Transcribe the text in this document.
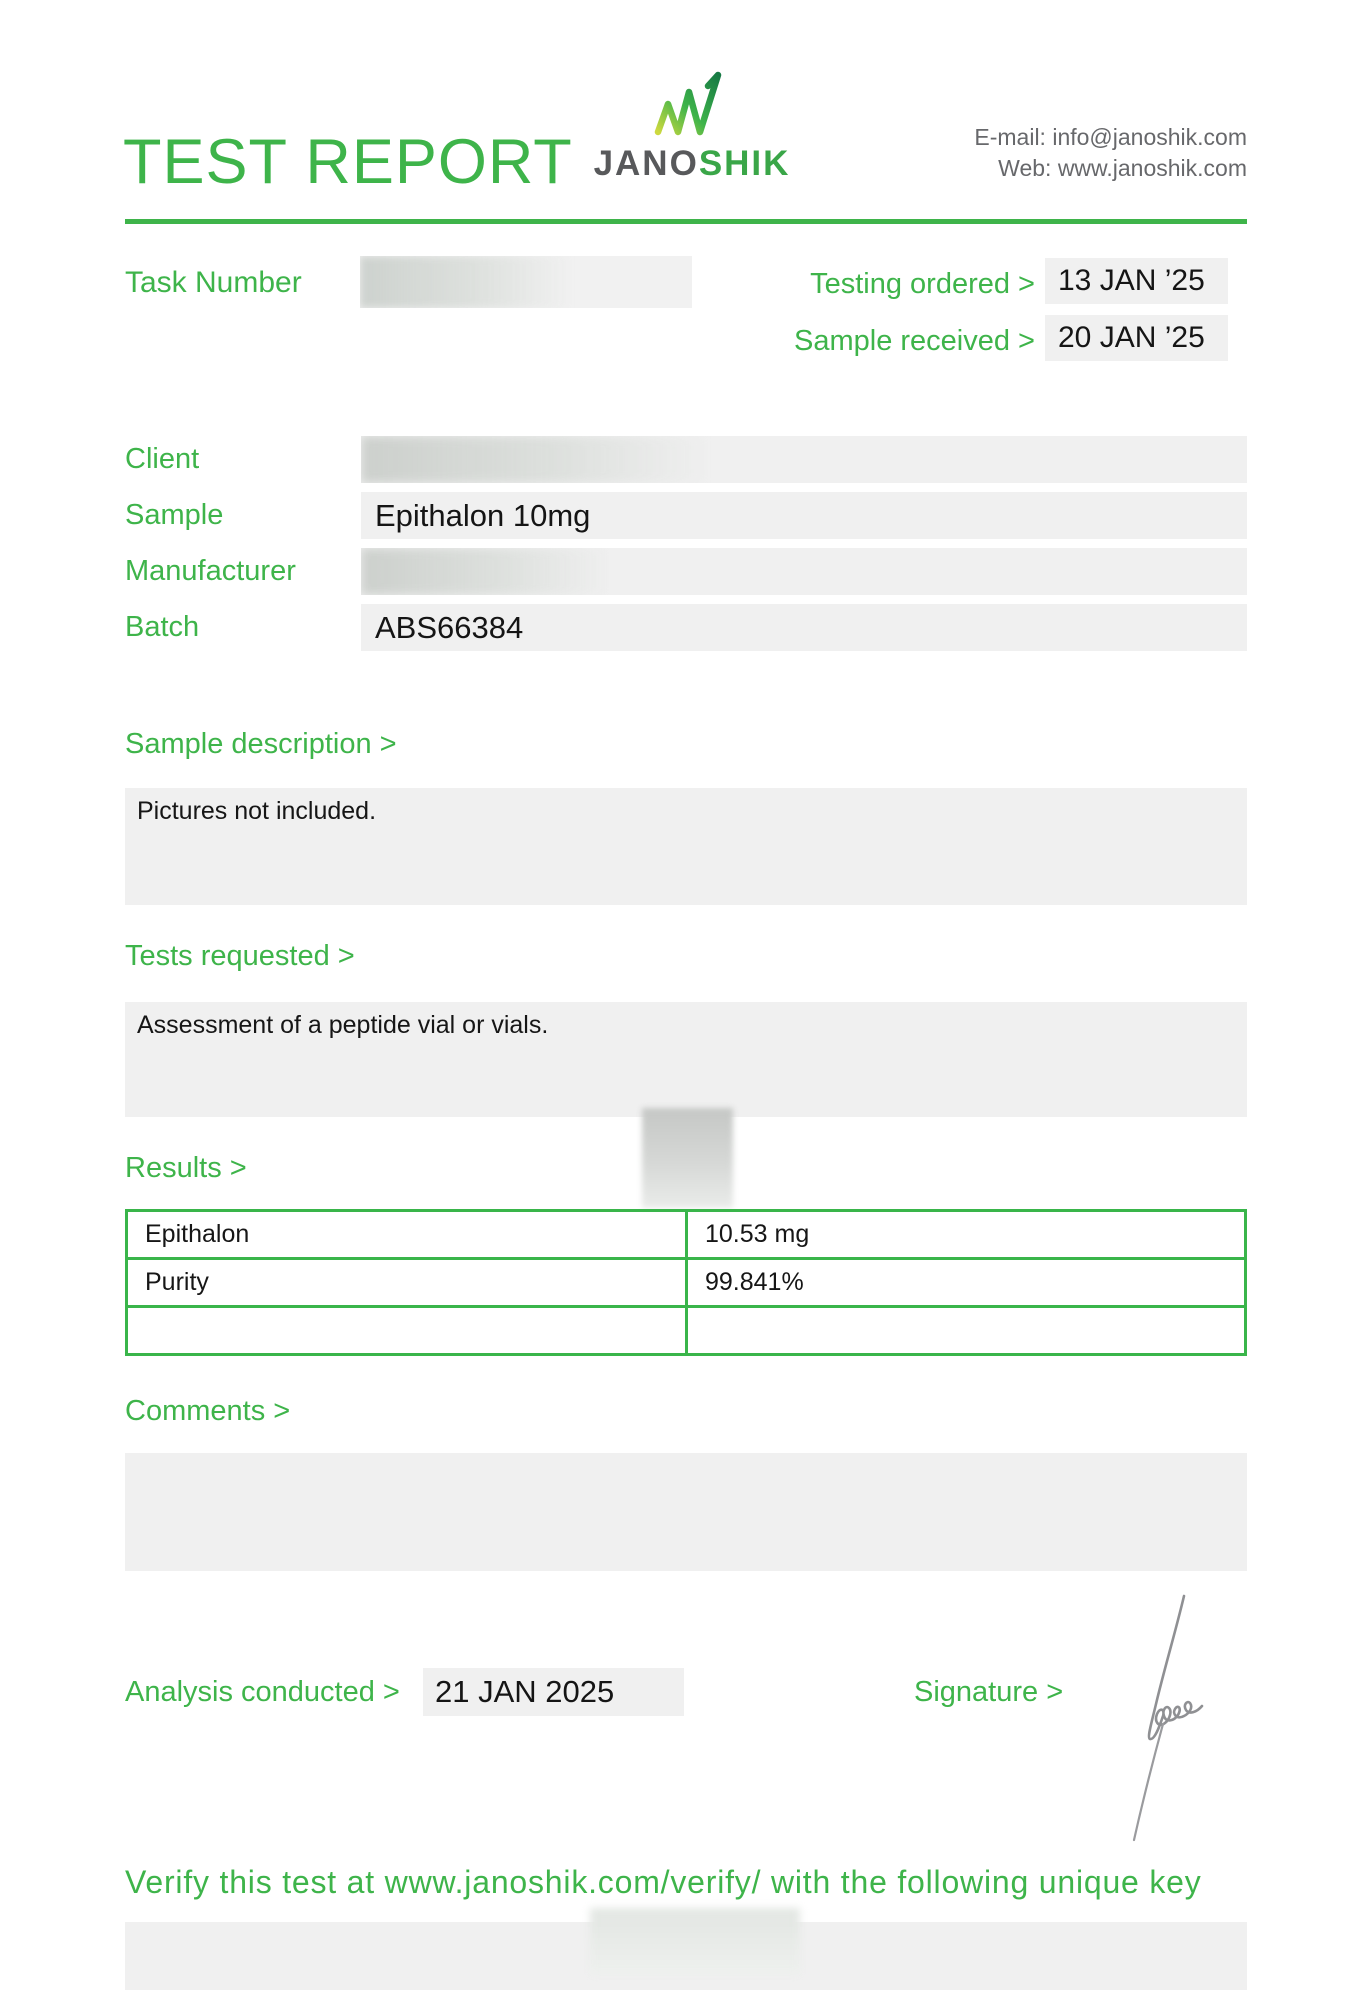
TEST REPORT JANOSHIK
E-mail: info@janoshik.com
Web: www.janoshik.com
Task Number	Testing ordered > 13 JAN ’25
Sample received > 20 JAN ’25
Client
Sample	Epithalon 10mg
Manufacturer
Batch	ABS66384
Sample description >
Pictures not included.
Tests requested >
Assessment of a peptide vial or vials.
Results >
Epithalon	10.53 mg
Purity	99.841%
Comments >
Analysis conducted > 21 JAN 2025	Signature >
Verify this test at www.janoshik.com/verify/ with the following unique key
